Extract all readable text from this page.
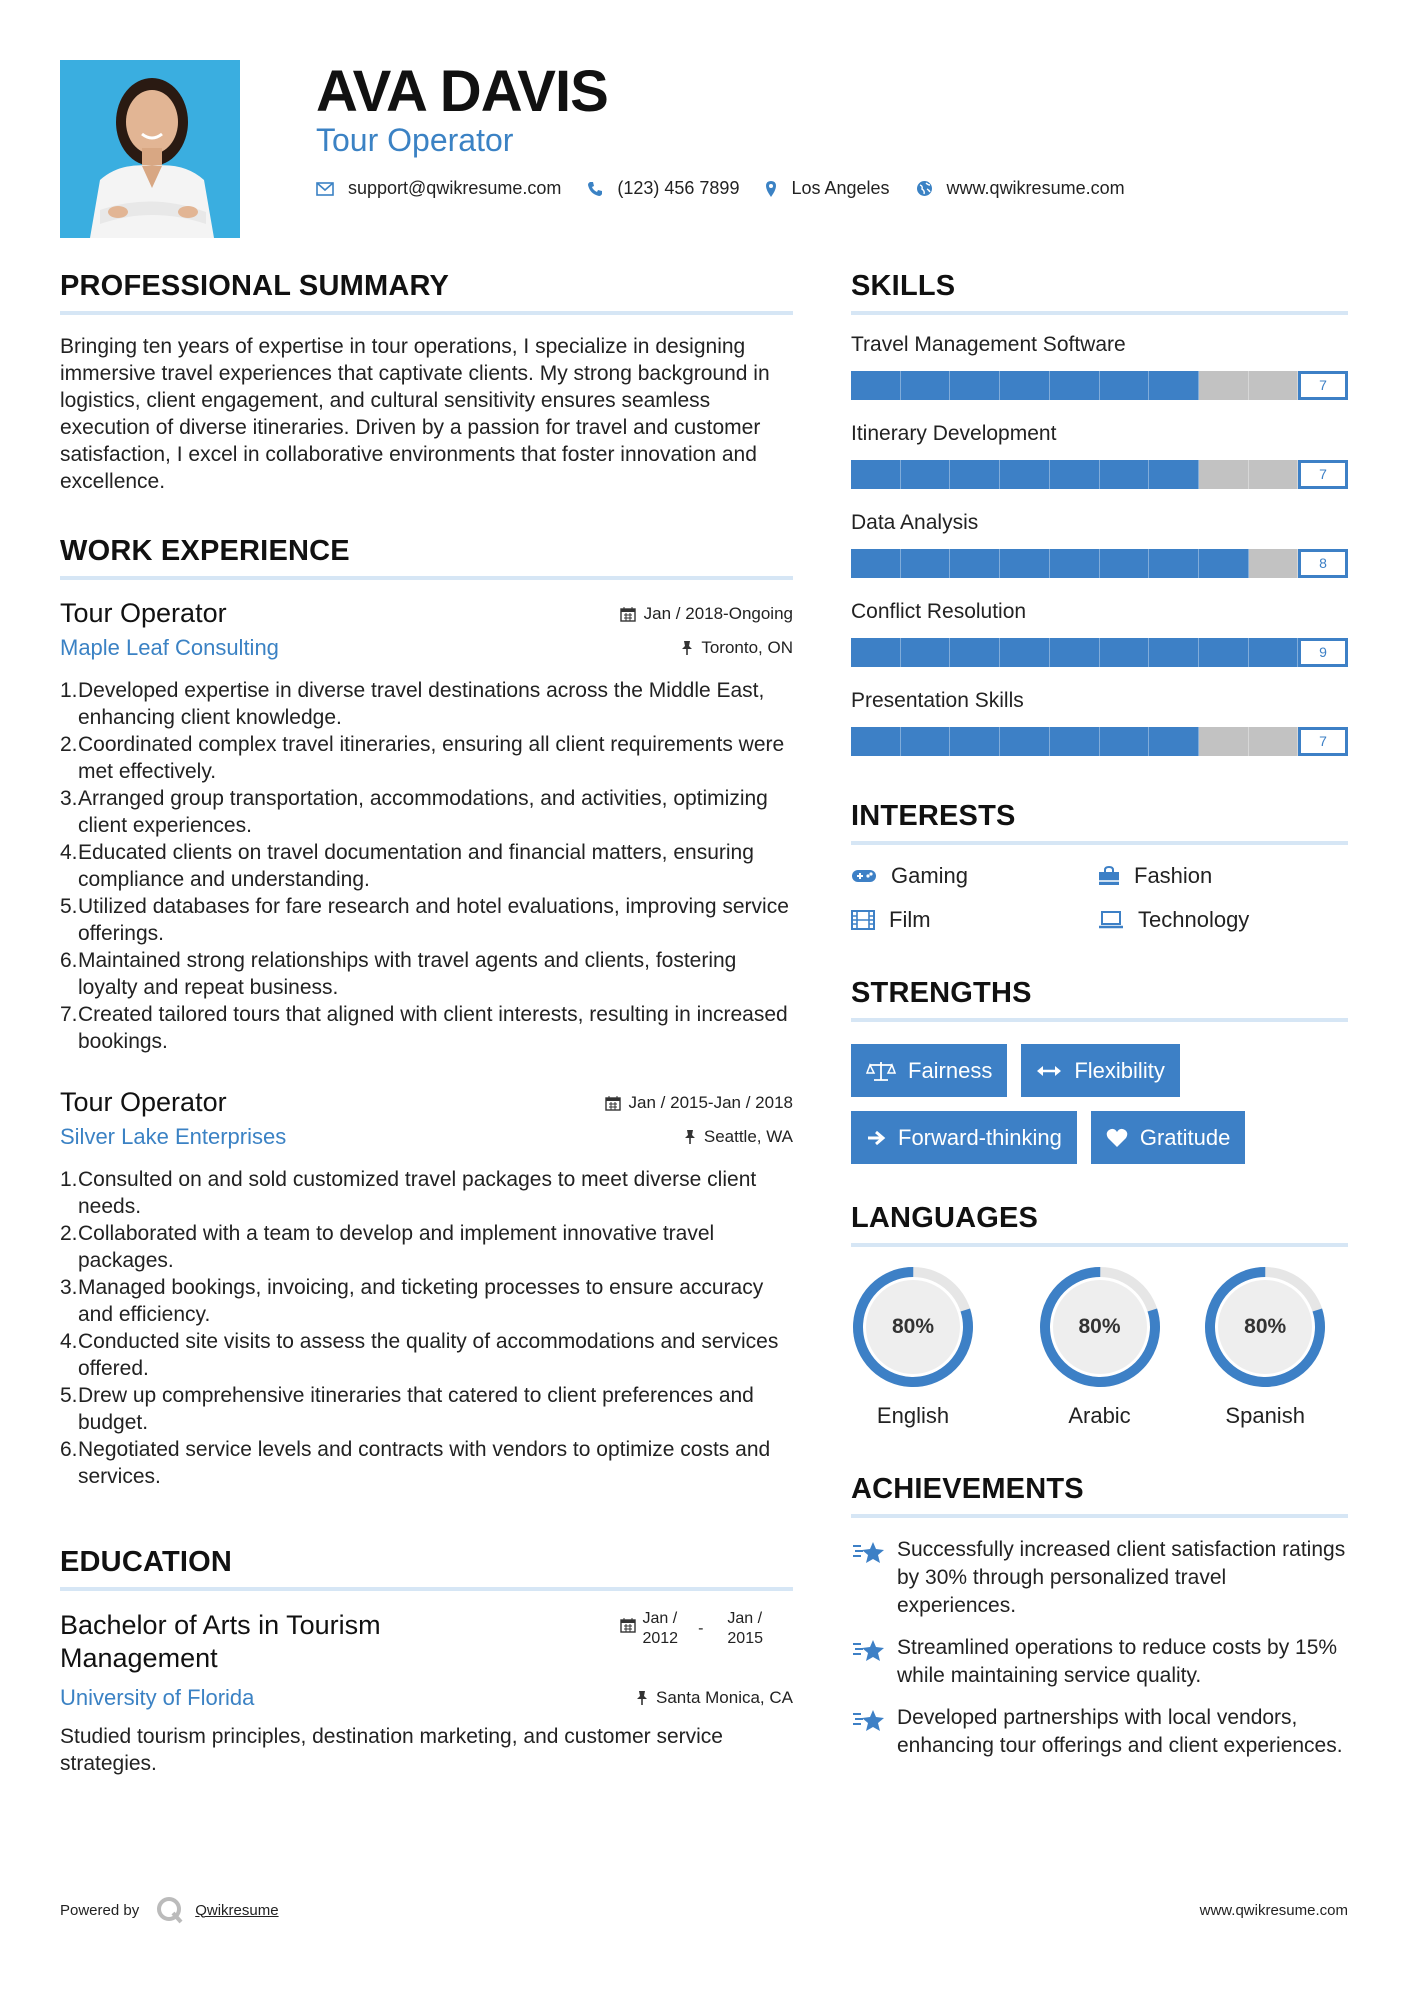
AVA DAVIS
Tour Operator
support@qwikresume.com	(123) 456 7899	Los Angeles	www.qwikresume.com
PROFESSIONAL SUMMARY

Bringing ten years of expertise in tour operations, I specialize in designing immersive travel experiences that captivate clients. My strong background in logistics, client engagement, and cultural sensitivity ensures seamless execution of diverse itineraries. Driven by a passion for travel and customer satisfaction, I excel in collaborative environments that foster innovation and excellence.

WORK EXPERIENCE
Tour Operator	Jan / 2018-Ongoing
Maple Leaf Consulting	Toronto, ON
1. Developed expertise in diverse travel destinations across the Middle East, enhancing client knowledge.
2. Coordinated complex travel itineraries, ensuring all client requirements were met effectively.
3. Arranged group transportation, accommodations, and activities, optimizing client experiences.
4. Educated clients on travel documentation and financial matters, ensuring compliance and understanding.
5. Utilized databases for fare research and hotel evaluations, improving service offerings.
6. Maintained strong relationships with travel agents and clients, fostering loyalty and repeat business.
7. Created tailored tours that aligned with client interests, resulting in increased bookings.
Tour Operator	Jan / 2015-Jan / 2018
Silver Lake Enterprises	Seattle, WA
1. Consulted on and sold customized travel packages to meet diverse client needs.
2. Collaborated with a team to develop and implement innovative travel packages.
3. Managed bookings, invoicing, and ticketing processes to ensure accuracy and efficiency.
4. Conducted site visits to assess the quality of accommodations and services offered.
5. Drew up comprehensive itineraries that catered to client preferences and budget.
6. Negotiated service levels and contracts with vendors to optimize costs and services.
EDUCATION
Bachelor of Arts in Tourism Management
Jan /
2012
-
Jan /
2015
University of Florida	Santa Monica, CA

Studied tourism principles, destination marketing, and customer service strategies.

SKILLS
Travel Management Software
7
Itinerary Development
7
Data Analysis
8
Conflict Resolution
9
Presentation Skills
7
INTERESTS
Gaming	Fashion
Film	Technology
STRENGTHS
Fairness	Flexibility
Forward-thinking	Gratitude
LANGUAGES
80%
English
80%
Arabic
80%
Spanish
ACHIEVEMENTS
Successfully increased client satisfaction ratings by 30% through personalized travel experiences.
Streamlined operations to reduce costs by 15% while maintaining service quality.
Developed partnerships with local vendors, enhancing tour offerings and client experiences.
Powered by	Qwikresume	www.qwikresume.com
